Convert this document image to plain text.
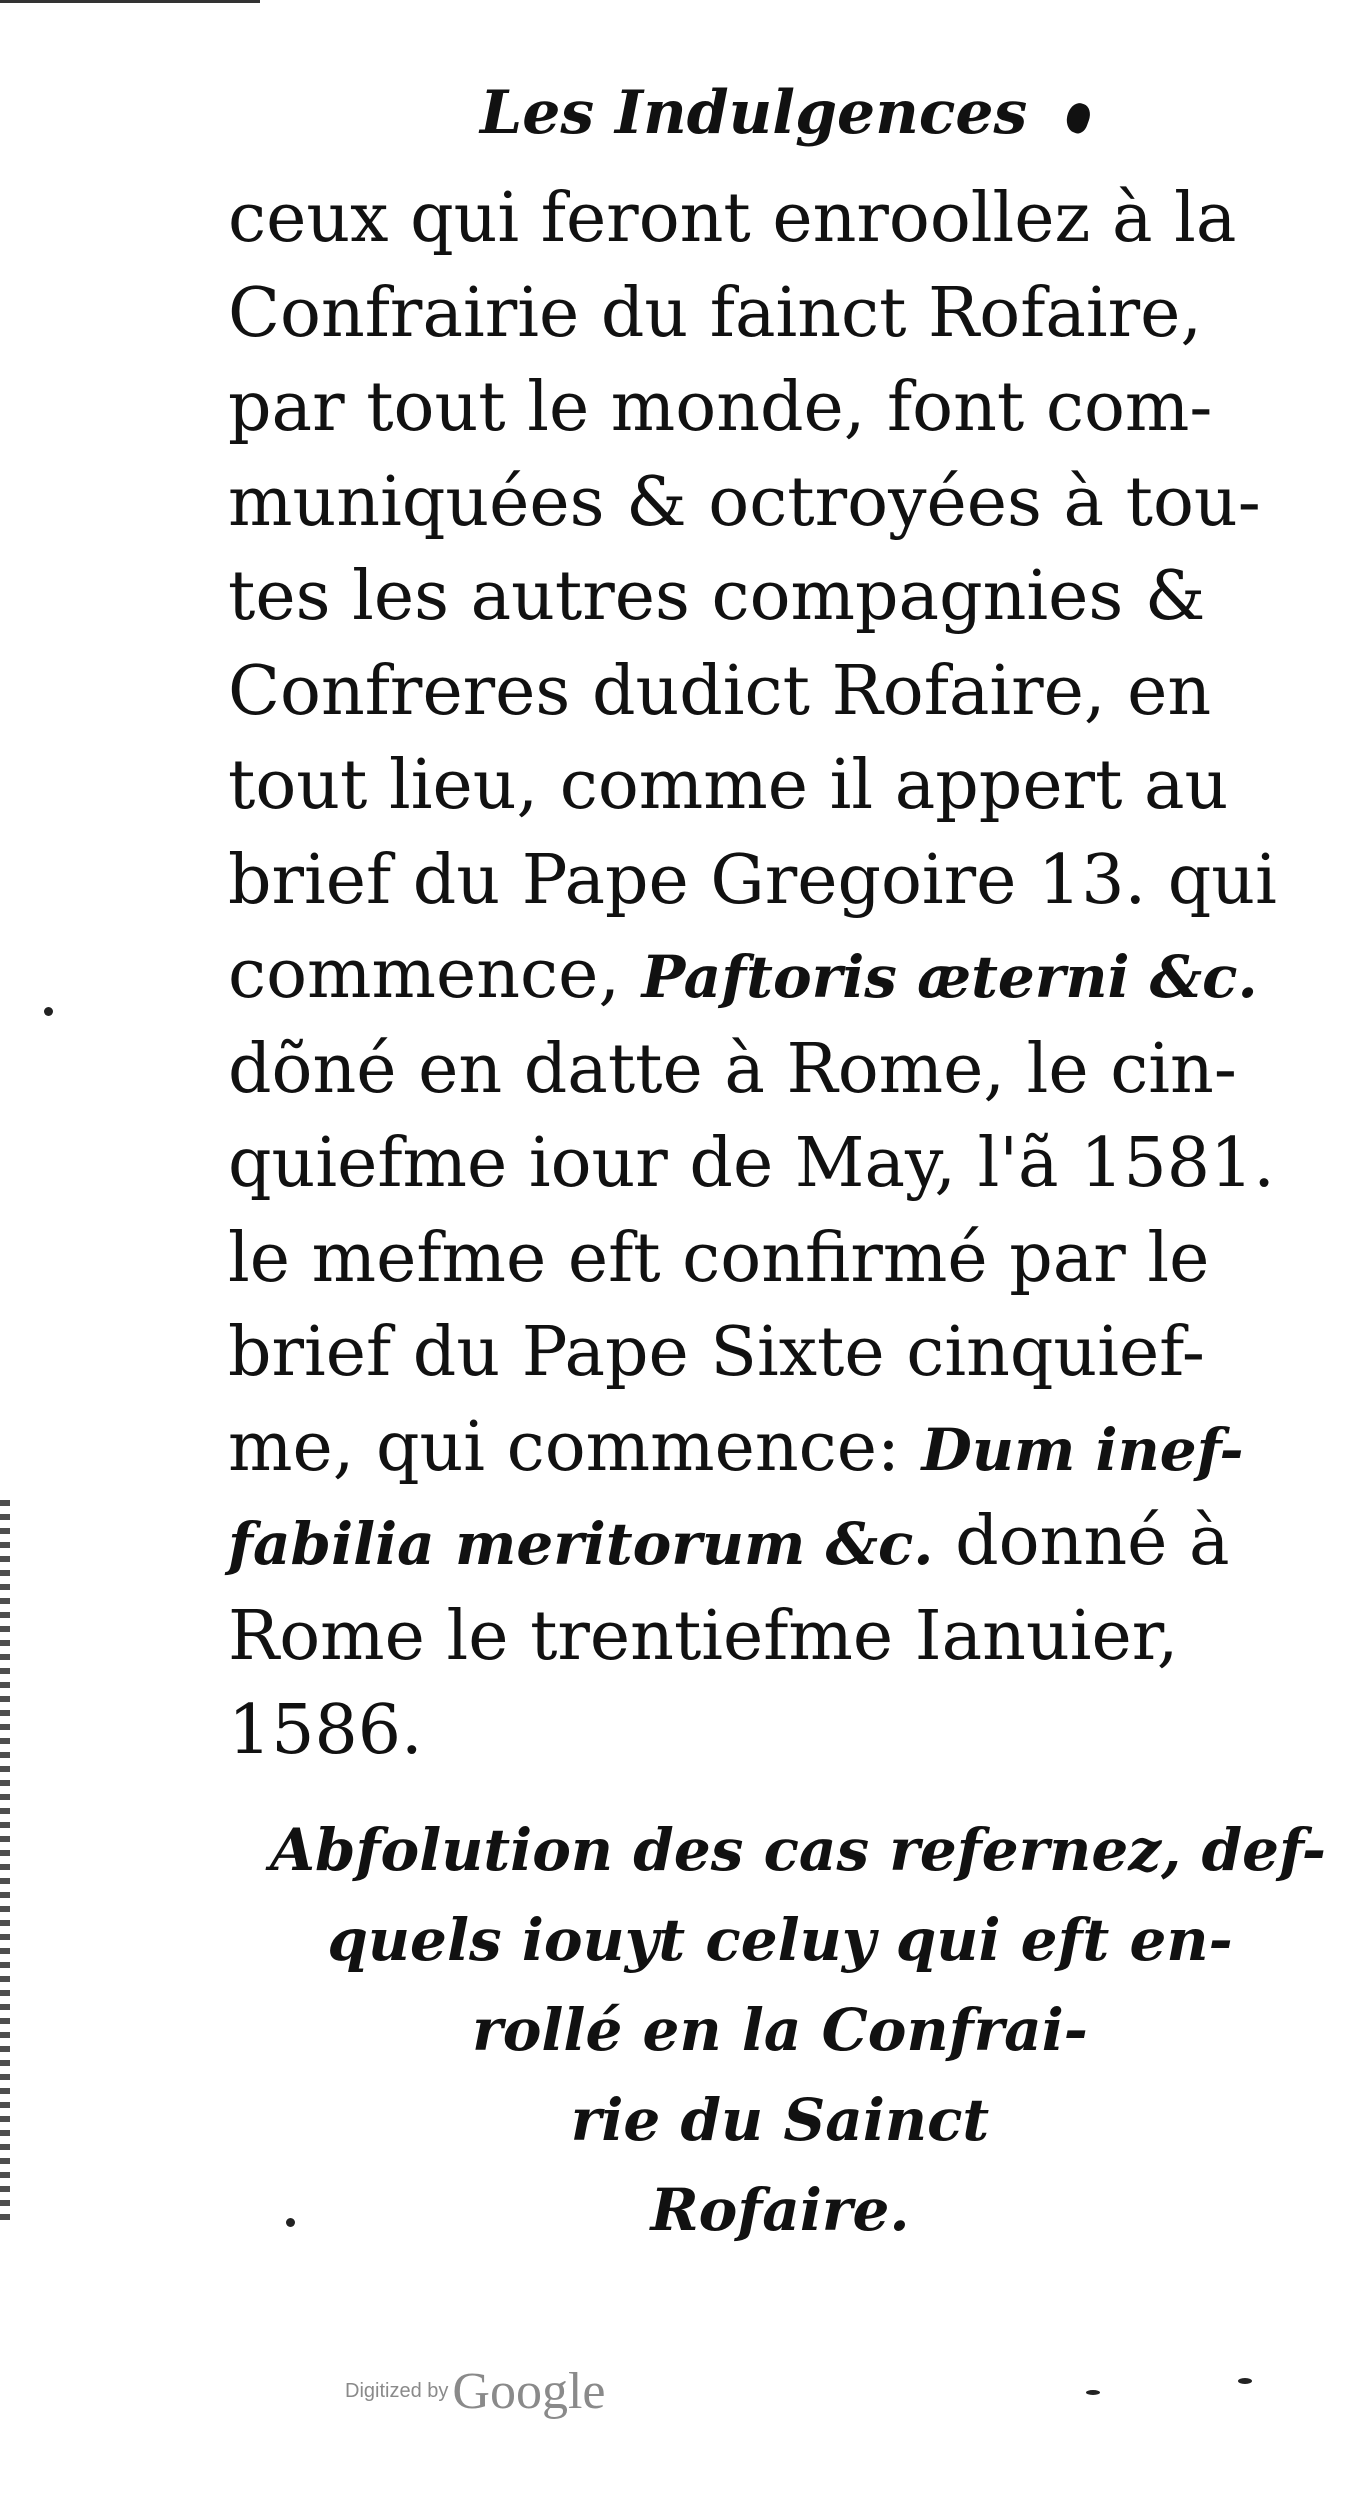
Les Indulgences
ceux qui feront enroollez à la
Confrairie du fainct Rofaire,
par tout le monde, font com-
muniquées & octroyées à tou-
tes les autres compagnies &
Confreres dudict Rofaire, en
tout lieu, comme il appert au
brief du Pape Gregoire 13. qui
commence, Paftoris æterni &c.
dõné en datte à Rome, le cin-
quiefme iour de May, l'ã 1581.
le mefme eft confirmé par le
brief du Pape Sixte cinquief-
me, qui commence: Dum inef-
fabilia meritorum &c. donné à
Rome le trentiefme Ianuier,
1586.
Abfolution des cas refernez, def-
quels iouyt celuy qui eft en-
rollé en la Confrai-
rie du Sainct
Rofaire.
Digitized byGoogle
